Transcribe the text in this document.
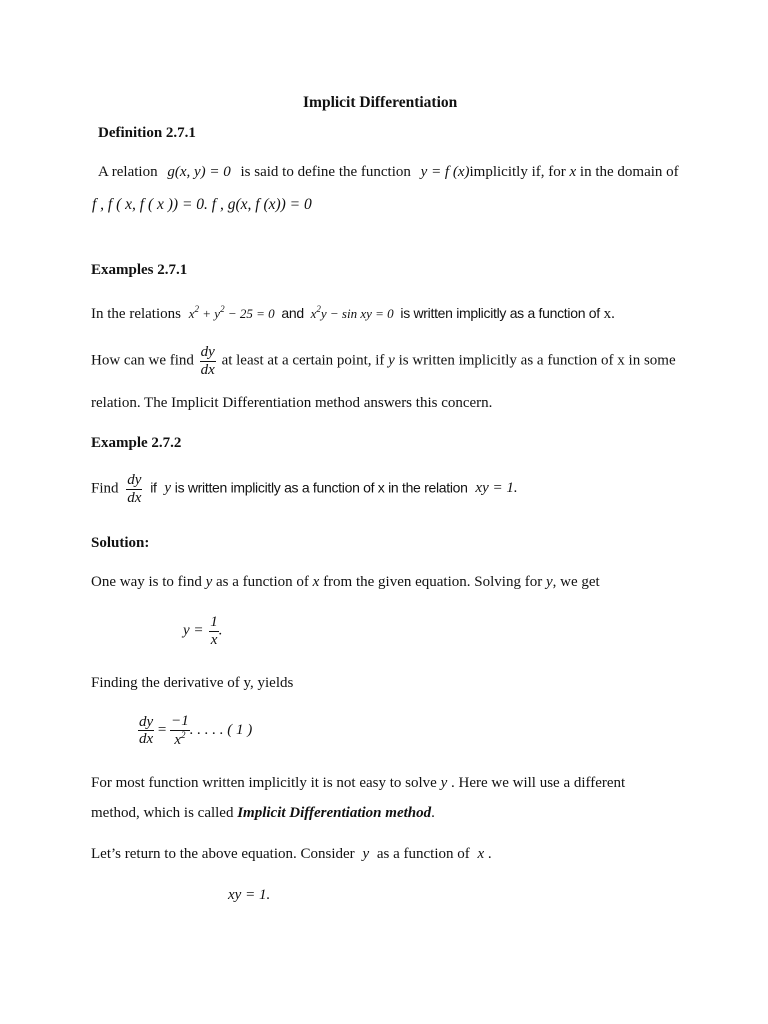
Implicit Differentiation
Definition 2.7.1
A relation g(x, y) = 0 is said to define the function y = f (x)implicitly if, for x in the domain of
f , f ( x, f ( x )) = 0. f , g(x, f (x)) = 0
Examples 2.7.1
In the relations $x^2 + y^2 - 25 = 0$ and $x^2y - \sin$ xy = 0 is written implicitly as a function of x.
How can we find $\frac{dy}{dx}$ at least at a certain point, if y is written implicitly as a function of x in some
relation. The Implicit Differentiation method answers this concern.
Example 2.7.2
Find $\frac{dy}{dx}$ if y is written implicitly as a function of x in the relation xy = 1.
Solution:
One way is to find y as a function of x from the given equation. Solving for y, we get
$y = \frac{1}{x}$ .
Finding the derivative of y, yields
$\frac{dy}{dx} = \frac{-1}{x^2}$ . . . . . ( 1 )
For most function written implicitly it is not easy to solve y . Here we will use a different
method, which is called Implicit Differentiation method.
Let’s return to the above equation. Consider y as a function of x .
xy = 1.
